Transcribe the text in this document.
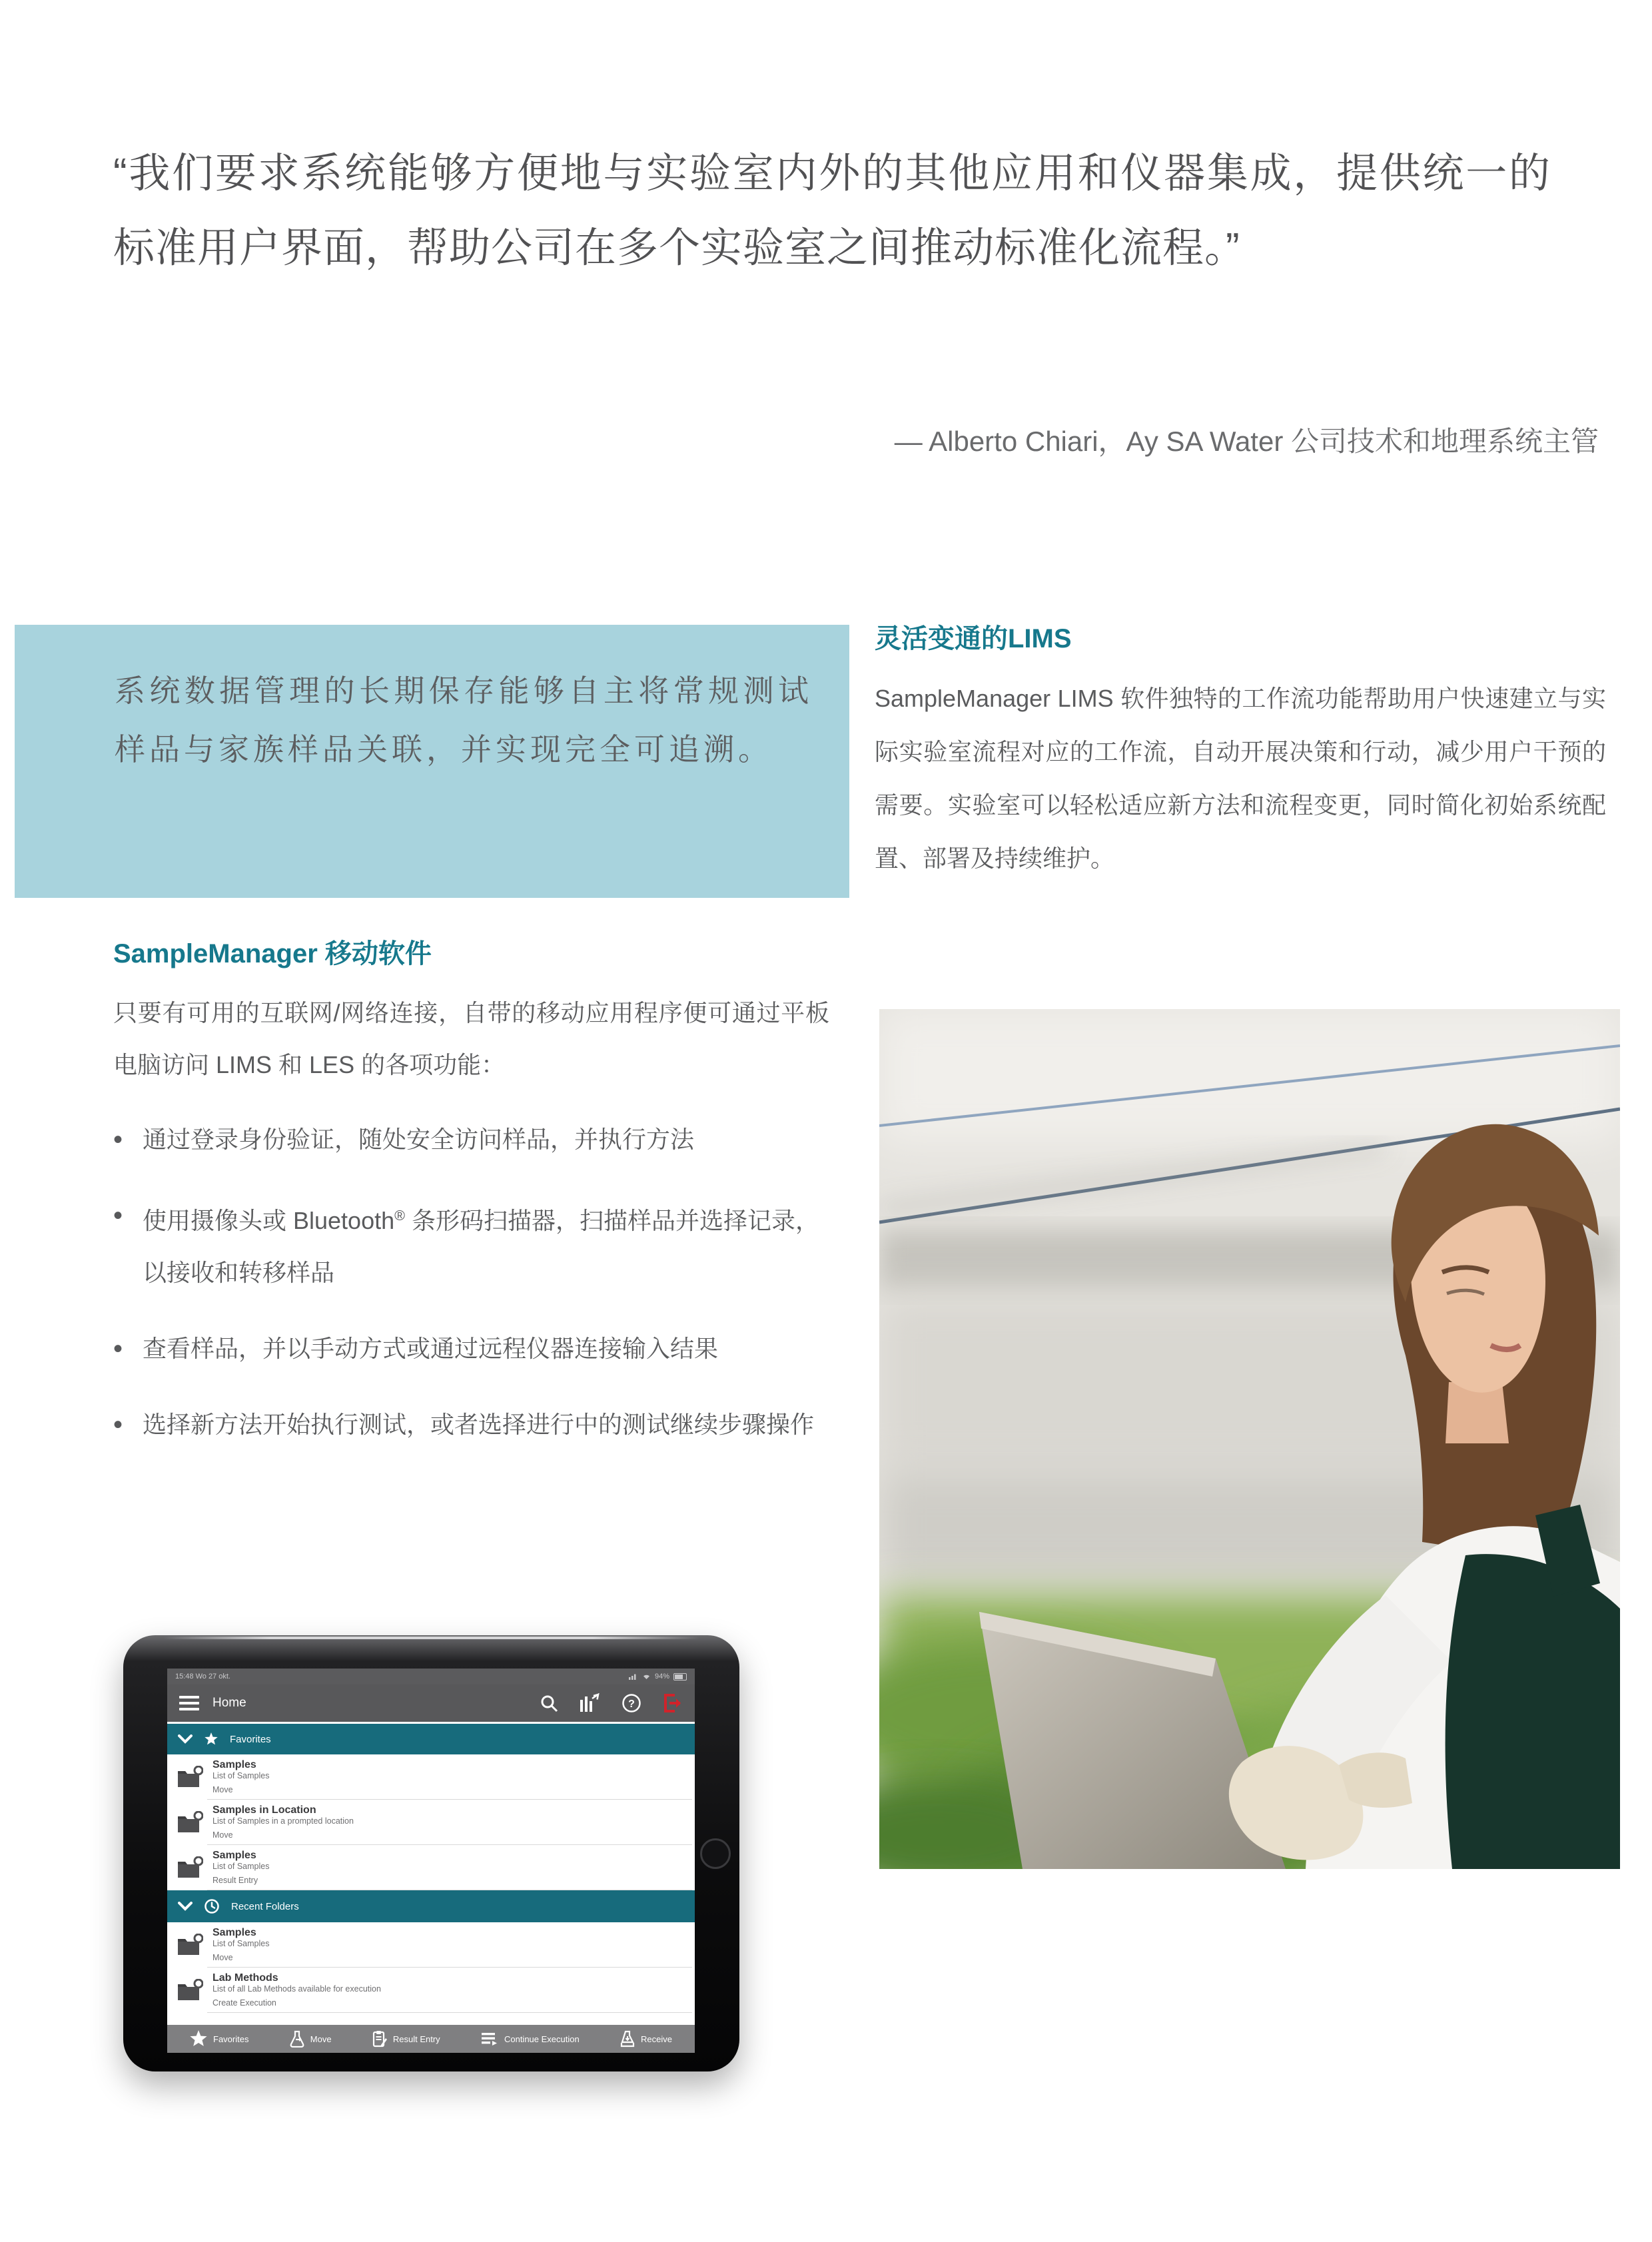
“我们要求系统能够方便地与实验室内外的其他应用和仪器集成，提供统一的标准用户界面，帮助公司在多个实验室之间推动标准化流程。”
— Alberto Chiari，Ay SA Water 公司技术和地理系统主管
系统数据管理的长期保存能够自主将常规测试样品与家族样品关联，并实现完全可追溯。
灵活变通的LIMS

SampleManager LIMS 软件独特的工作流功能帮助用户快速建立与实际实验室流程对应的工作流，自动开展决策和行动，减少用户干预的需要。实验室可以轻松适应新方法和流程变更，同时简化初始系统配置、部署及持续维护。

SampleManager 移动软件

只要有可用的互联网/网络连接，自带的移动应用程序便可通过平板电脑访问 LIMS 和 LES 的各项功能：

• 通过登录身份验证，随处安全访问样品，并执行方法
• 使用摄像头或 Bluetooth® 条形码扫描器，扫描样品并选择记录，以接收和转移样品
• 查看样品，并以手动方式或通过远程仪器连接输入结果
• 选择新方法开始执行测试，或者选择进行中的测试继续步骤操作
15:48 Wo 27 okt.	94%
Home	?
Favorites
Samples
List of Samples
Move
Samples in Location
List of Samples in a prompted location
Move
Samples
List of Samples
Result Entry
Recent Folders
Samples
List of Samples
Move
Lab Methods
List of all Lab Methods available for execution
Create Execution
Favorites	Move	Result Entry	Continue Execution	Receive
